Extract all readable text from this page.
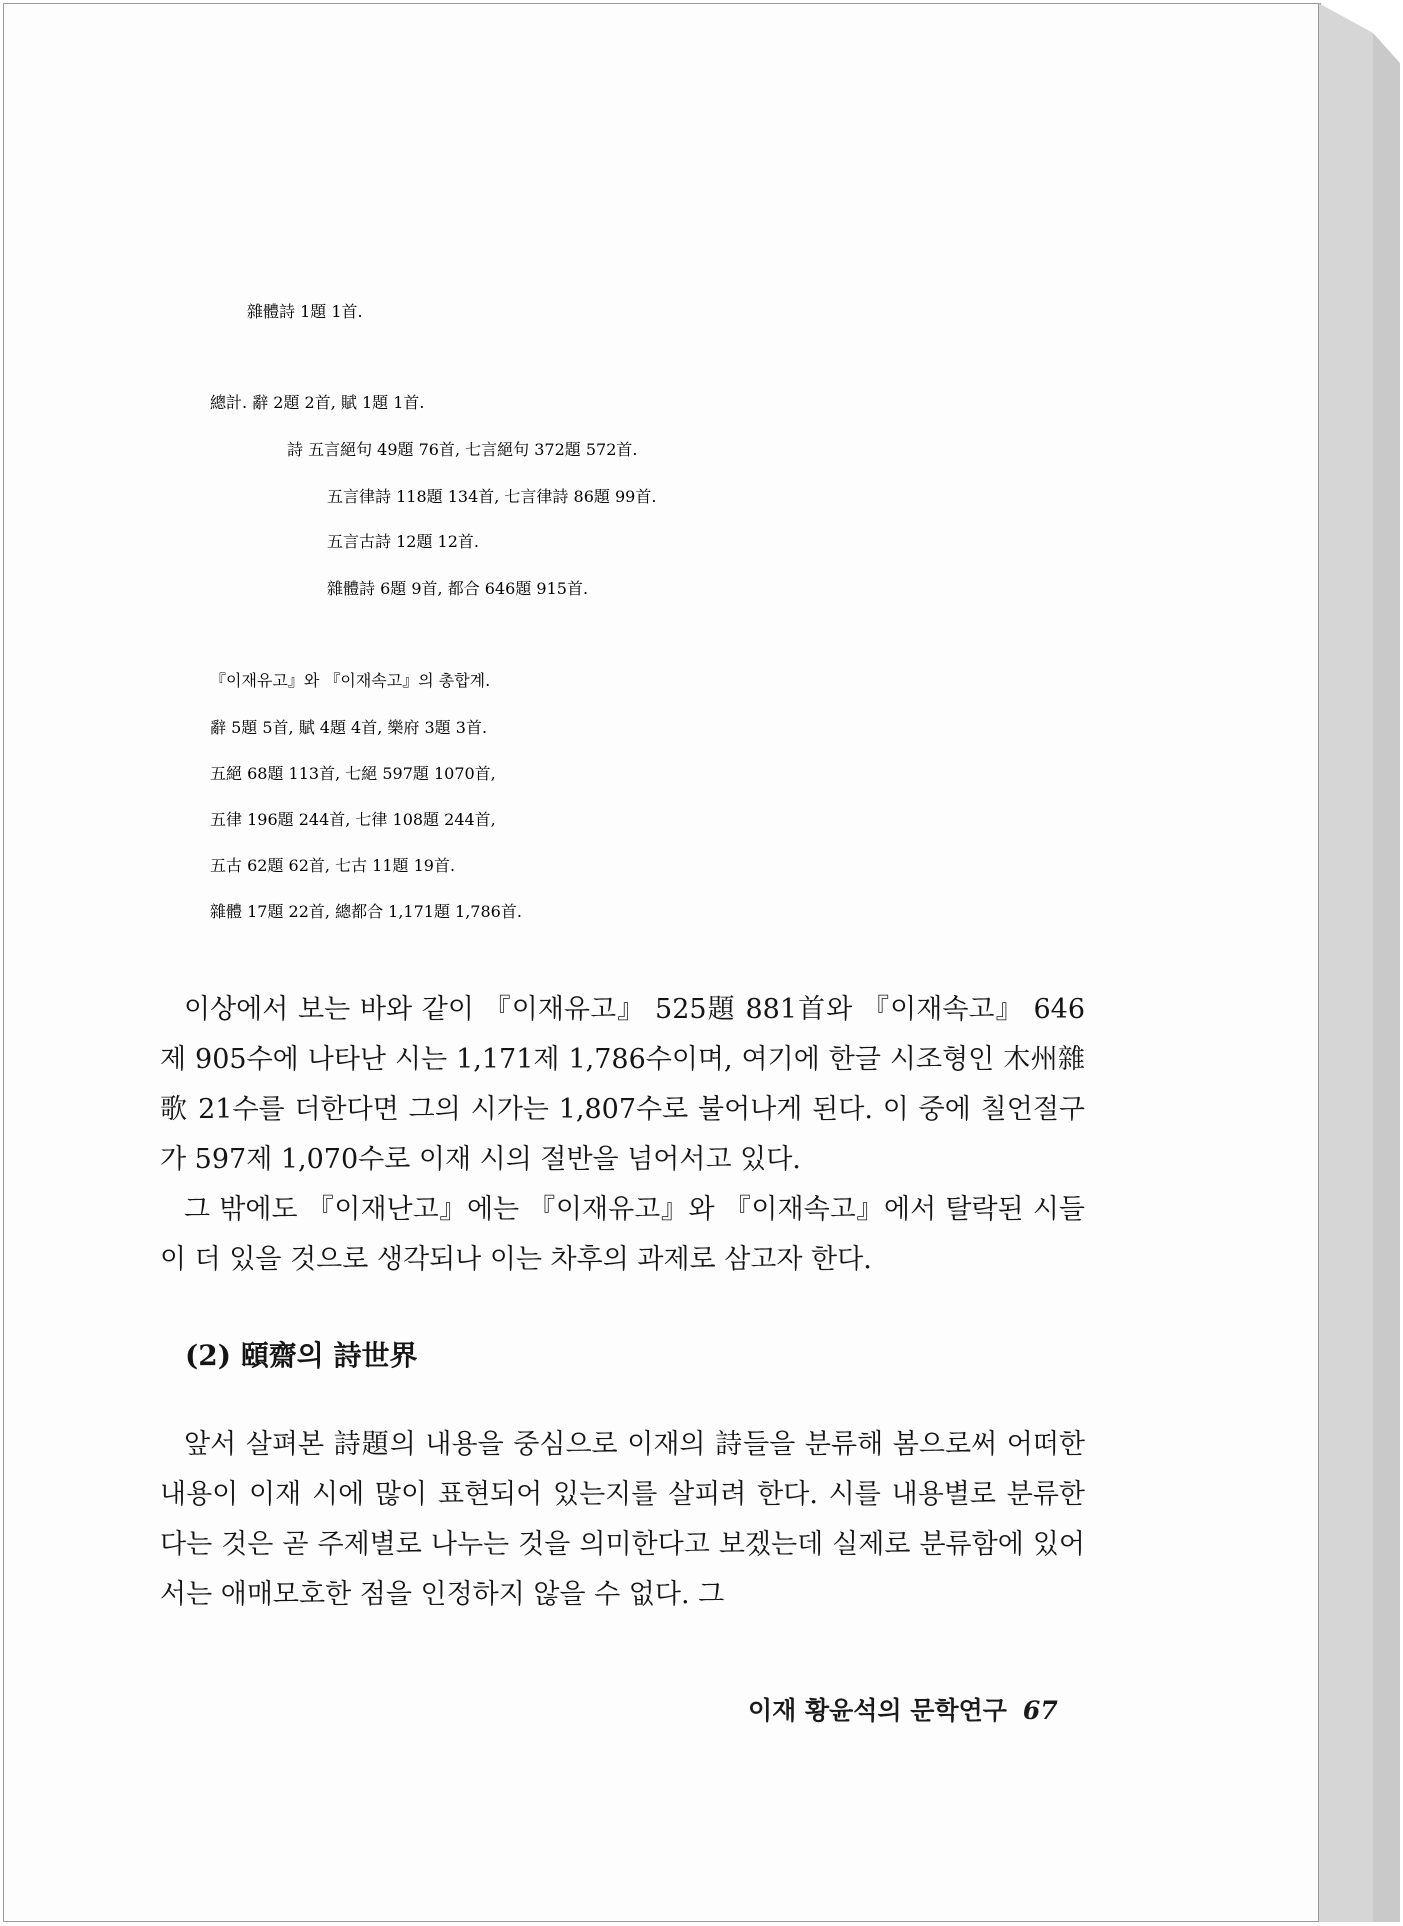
雜體詩 1題 1首.
總計. 辭 2題 2首, 賦 1題 1首.
詩 五言絕句 49題 76首, 七言絕句 372題 572首.
五言律詩 118題 134首, 七言律詩 86題 99首.
五言古詩 12題 12首.
雜體詩 6題 9首, 都合 646題 915首.
『이재유고』와 『이재속고』의 총합계.
辭 5題 5首, 賦 4題 4首, 樂府 3題 3首.
五絕 68題 113首, 七絕 597題 1070首,
五律 196題 244首, 七律 108題 244首,
五古 62題 62首, 七古 11題 19首.
雜體 17題 22首, 總都合 1,171題 1,786首.
이상에서 보는 바와 같이 『이재유고』 525題 881首와 『이재속고』 646제 905수에 나타난 시는 1,171제 1,786수이며, 여기에 한글 시조형인 木州雜歌 21수를 더한다면 그의 시가는 1,807수로 불어나게 된다. 이 중에 칠언절구가 597제 1,070수로 이재 시의 절반을 넘어서고 있다.
그 밖에도 『이재난고』에는 『이재유고』와 『이재속고』에서 탈락된 시들이 더 있을 것으로 생각되나 이는 차후의 과제로 삼고자 한다.
(2) 頤齋의 詩世界
앞서 살펴본 詩題의 내용을 중심으로 이재의 詩들을 분류해 봄으로써 어떠한 내용이 이재 시에 많이 표현되어 있는지를 살피려 한다. 시를 내용별로 분류한다는 것은 곧 주제별로 나누는 것을 의미한다고 보겠는데 실제로 분류함에 있어서는 애매모호한 점을 인정하지 않을 수 없다. 그
이재 황윤석의 문학연구 67
